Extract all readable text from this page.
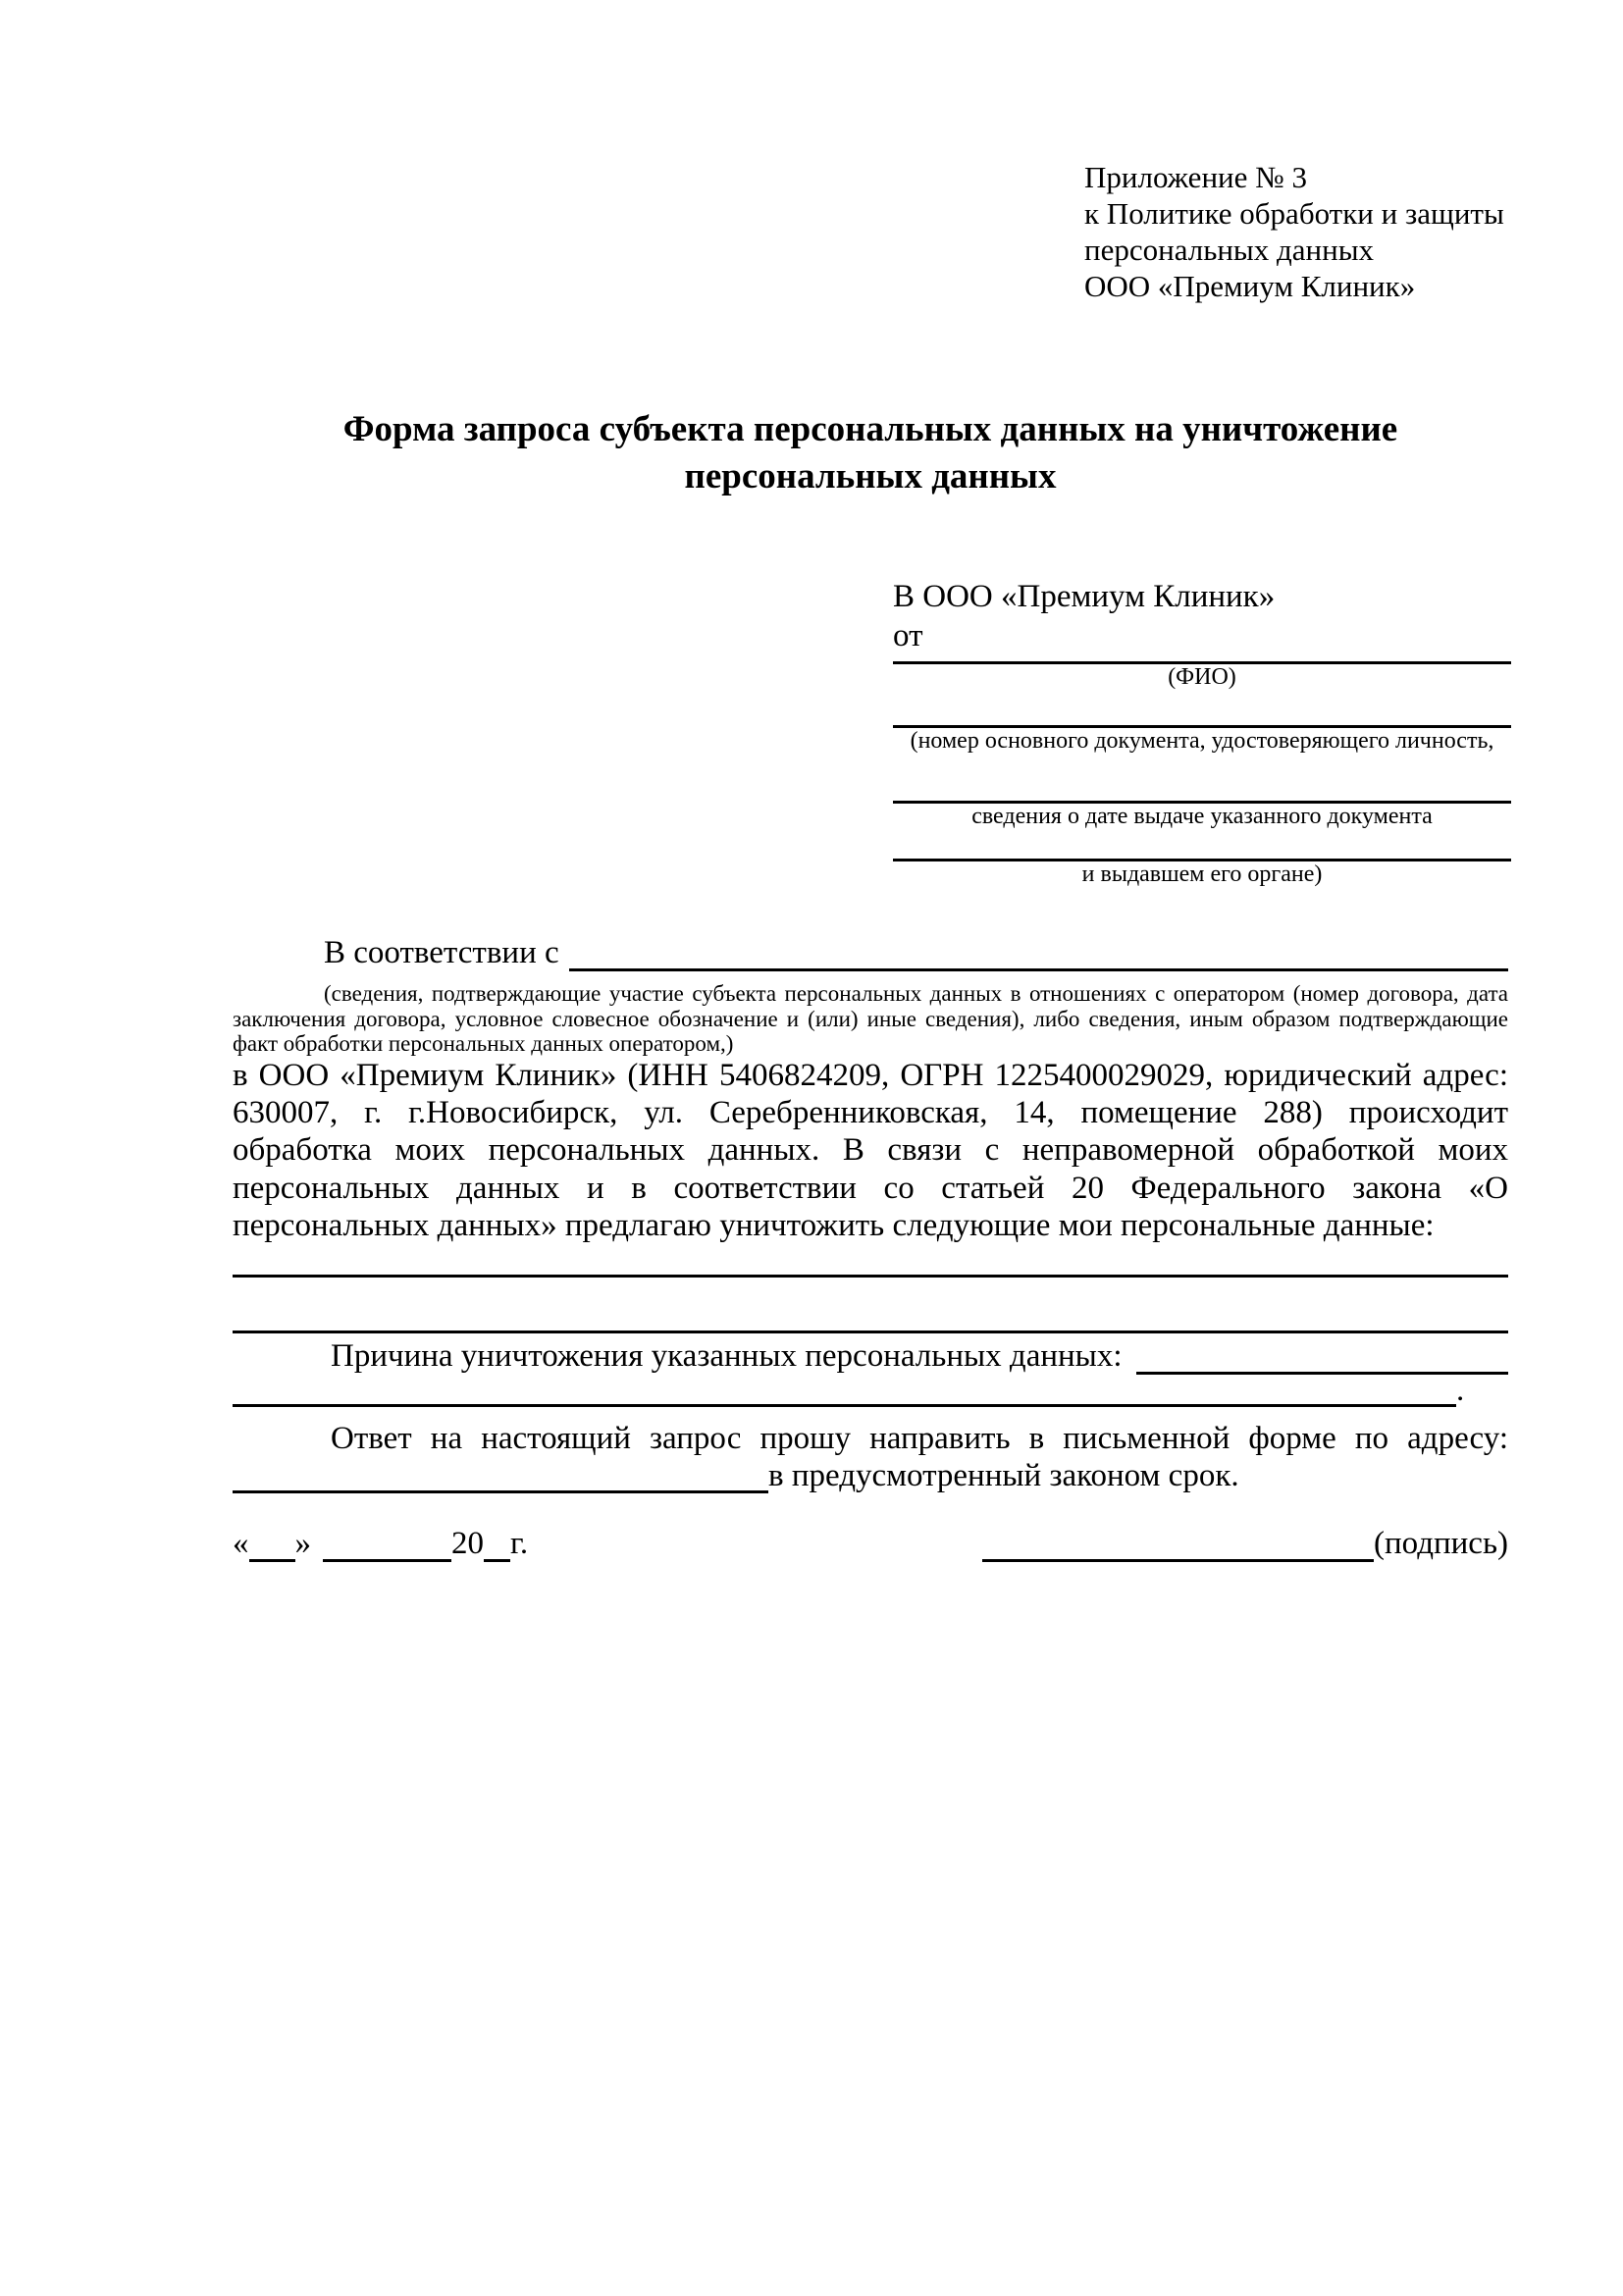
Приложение № 3
к Политике обработки и защиты
персональных данных
ООО «Премиум Клиник»
Форма запроса субъекта персональных данных на уничтожение
персональных данных

В ООО «Премиум Клиник»

от

(ФИО)
(номер основного документа, удостоверяющего личность,
сведения о дате выдаче указанного документа
и выдавшем его органе)
В соответствии с
(сведения, подтверждающие участие субъекта персональных данных в отношениях с оператором (номер договора, дата заключения договора, условное словесное обозначение и (или) иные сведения), либо сведения, иным образом подтверждающие факт обработки персональных данных оператором,)
в ООО «Премиум Клиник» (ИНН 5406824209, ОГРН 1225400029029, юридический адрес: 630007, г. г.Новосибирск, ул. Серебренниковская, 14, помещение 288) происходит обработка моих персональных данных. В связи с неправомерной обработкой моих персональных данных и в соответствии со статьей 20 Федерального закона «О персональных данных» предлагаю уничтожить следующие мои персональные данные:
Причина уничтожения указанных персональных данных:
.
Ответ на настоящий запрос прошу направить в письменной форме по адресу:
в предусмотренный законом срок.
« »	20 г.	(подпись)
